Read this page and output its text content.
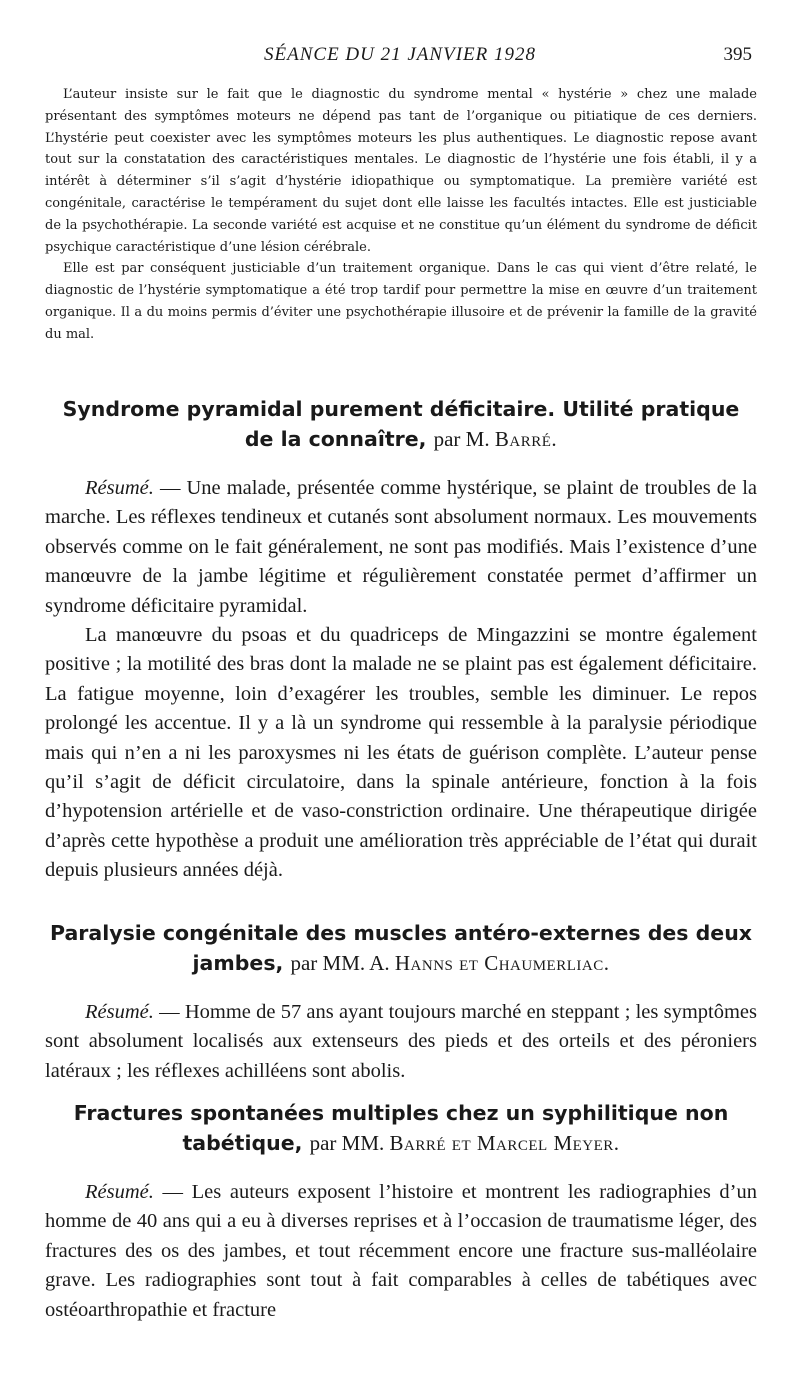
SÉANCE DU 21 JANVIER 1928	395

L’auteur insiste sur le fait que le diagnostic du syndrome mental « hystérie » chez une malade présentant des symptômes moteurs ne dépend pas tant de l’organique ou pitiatique de ces derniers. L’hystérie peut coexister avec les symptômes moteurs les plus authentiques. Le diagnostic repose avant tout sur la constatation des caractéristiques mentales. Le diagnostic de l’hystérie une fois établi, il y a intérêt à déterminer s’il s’agit d’hystérie idiopathique ou symptomatique. La première variété est congénitale, caractérise le tempérament du sujet dont elle laisse les facultés intactes. Elle est justiciable de la psychothérapie. La seconde variété est acquise et ne constitue qu’un élément du syndrome de déficit psychique caractéristique d’une lésion cérébrale.

Elle est par conséquent justiciable d’un traitement organique. Dans le cas qui vient d’être relaté, le diagnostic de l’hystérie symptomatique a été trop tardif pour permettre la mise en œuvre d’un traitement organique. Il a du moins permis d’éviter une psychothérapie illusoire et de prévenir la famille de la gravité du mal.

Syndrome pyramidal purement déficitaire. Utilité pratique de la connaître, par M. Barré.

Résumé. — Une malade, présentée comme hystérique, se plaint de troubles de la marche. Les réflexes tendineux et cutanés sont absolument normaux. Les mouvements observés comme on le fait généralement, ne sont pas modifiés. Mais l’existence d’une manœuvre de la jambe légitime et régulièrement constatée permet d’affirmer un syndrome déficitaire pyramidal.

La manœuvre du psoas et du quadriceps de Mingazzini se montre également positive ; la motilité des bras dont la malade ne se plaint pas est également déficitaire. La fatigue moyenne, loin d’exagérer les troubles, semble les diminuer. Le repos prolongé les accentue. Il y a là un syndrome qui ressemble à la paralysie périodique mais qui n’en a ni les paroxysmes ni les états de guérison complète. L’auteur pense qu’il s’agit de déficit circulatoire, dans la spinale antérieure, fonction à la fois d’hypotension artérielle et de vaso-constriction ordinaire. Une thérapeutique dirigée d’après cette hypothèse a produit une amélioration très appréciable de l’état qui durait depuis plusieurs années déjà.

Paralysie congénitale des muscles antéro-externes des deux jambes, par MM. A. Hanns et Chaumerliac.

Résumé. — Homme de 57 ans ayant toujours marché en steppant ; les symptômes sont absolument localisés aux extenseurs des pieds et des orteils et des péroniers latéraux ; les réflexes achilléens sont abolis.

Fractures spontanées multiples chez un syphilitique non tabétique, par MM. Barré et Marcel Meyer.

Résumé. — Les auteurs exposent l’histoire et montrent les radiographies d’un homme de 40 ans qui a eu à diverses reprises et à l’occasion de traumatisme léger, des fractures des os des jambes, et tout récemment encore une fracture sus-malléolaire grave. Les radiographies sont tout à fait comparables à celles de tabétiques avec ostéoarthropathie et fracture
